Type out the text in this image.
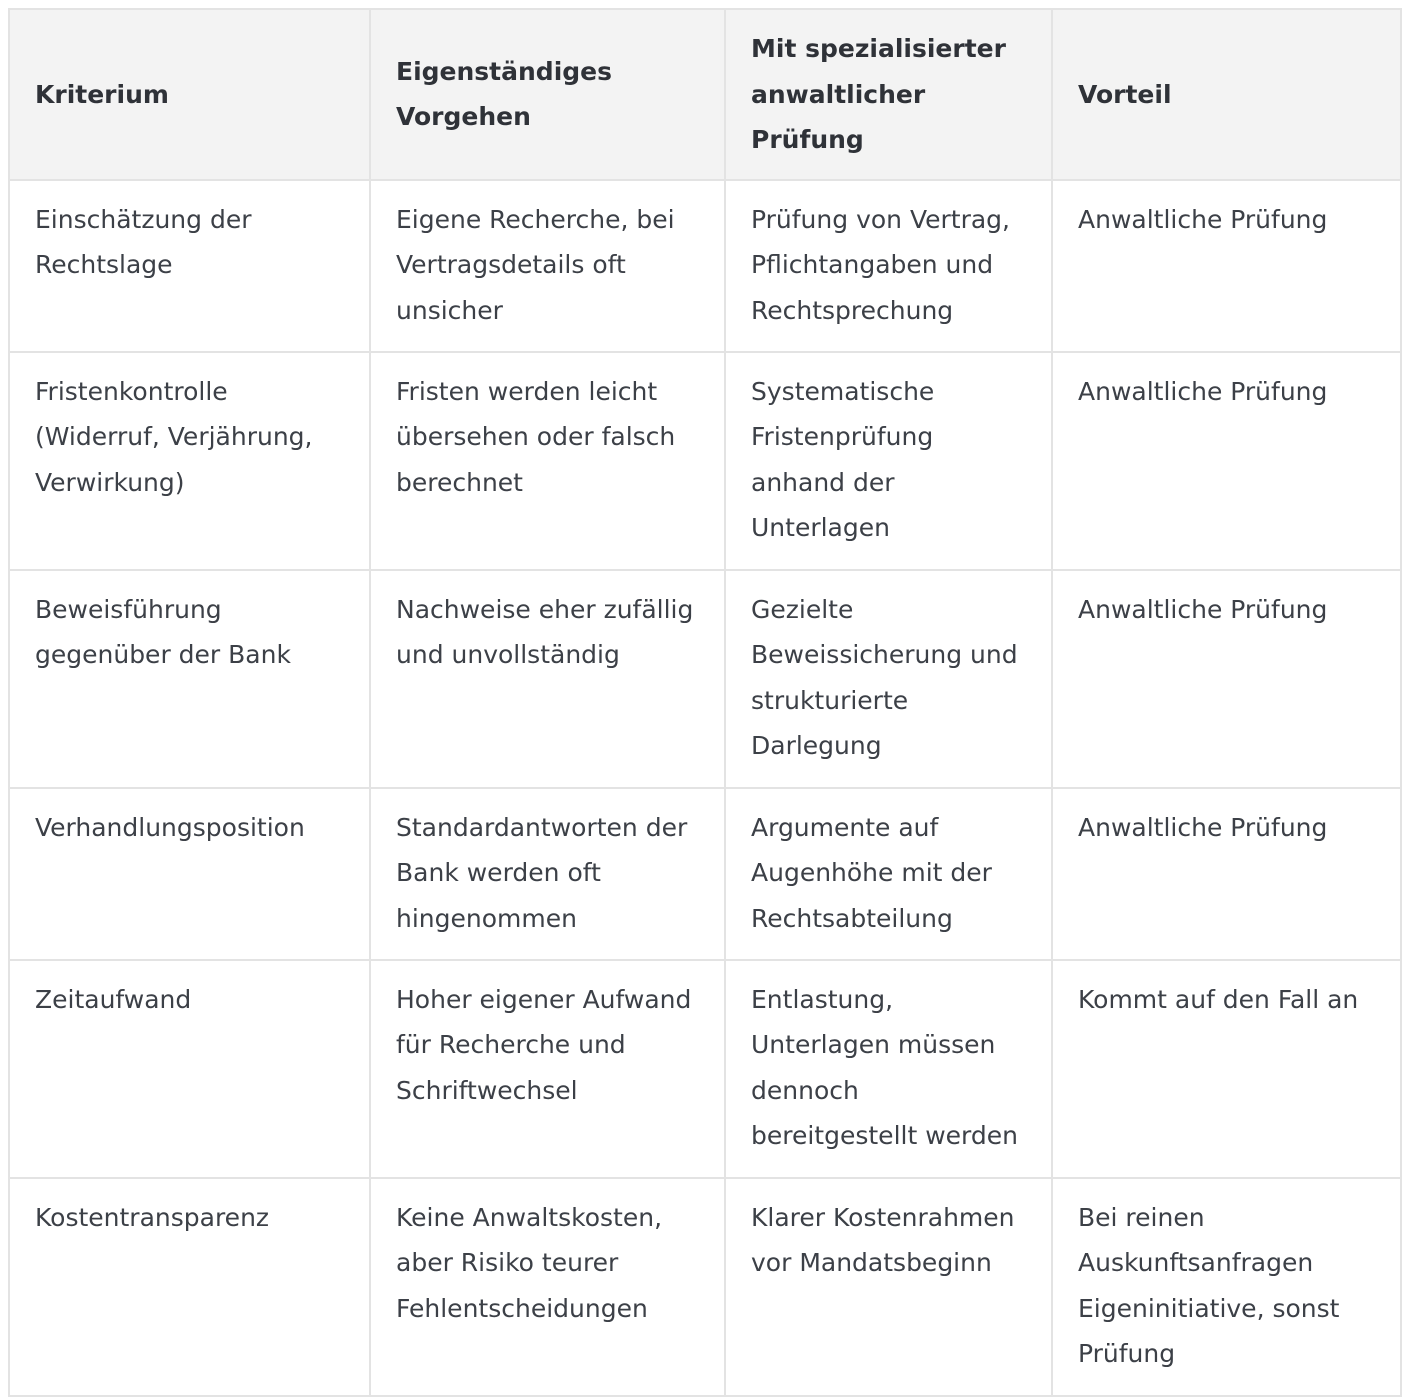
Kriterium	Eigenständiges Vorgehen	Mit spezialisierter anwaltlicher Prüfung	Vorteil
Einschätzung der Rechtslage	Eigene Recherche, bei Vertragsdetails oft unsicher	Prüfung von Vertrag, Pflichtangaben und Rechtsprechung	Anwaltliche Prüfung
Fristenkontrolle (Widerruf, Verjährung, Verwirkung)	Fristen werden leicht übersehen oder falsch berechnet	Systematische Fristenprüfung anhand der Unterlagen	Anwaltliche Prüfung
Beweisführung gegenüber der Bank	Nachweise eher zufällig und unvollständig	Gezielte Beweissicherung und strukturierte Darlegung	Anwaltliche Prüfung
Verhandlungsposition	Standardantworten der Bank werden oft hingenommen	Argumente auf Augenhöhe mit der Rechtsabteilung	Anwaltliche Prüfung
Zeitaufwand	Hoher eigener Aufwand für Recherche und Schriftwechsel	Entlastung, Unterlagen müssen dennoch bereitgestellt werden	Kommt auf den Fall an
Kostentransparenz	Keine Anwaltskosten, aber Risiko teurer Fehlentscheidungen	Klarer Kostenrahmen vor Mandatsbeginn	Bei reinen Auskunftsanfragen Eigeninitiative, sonst Prüfung
